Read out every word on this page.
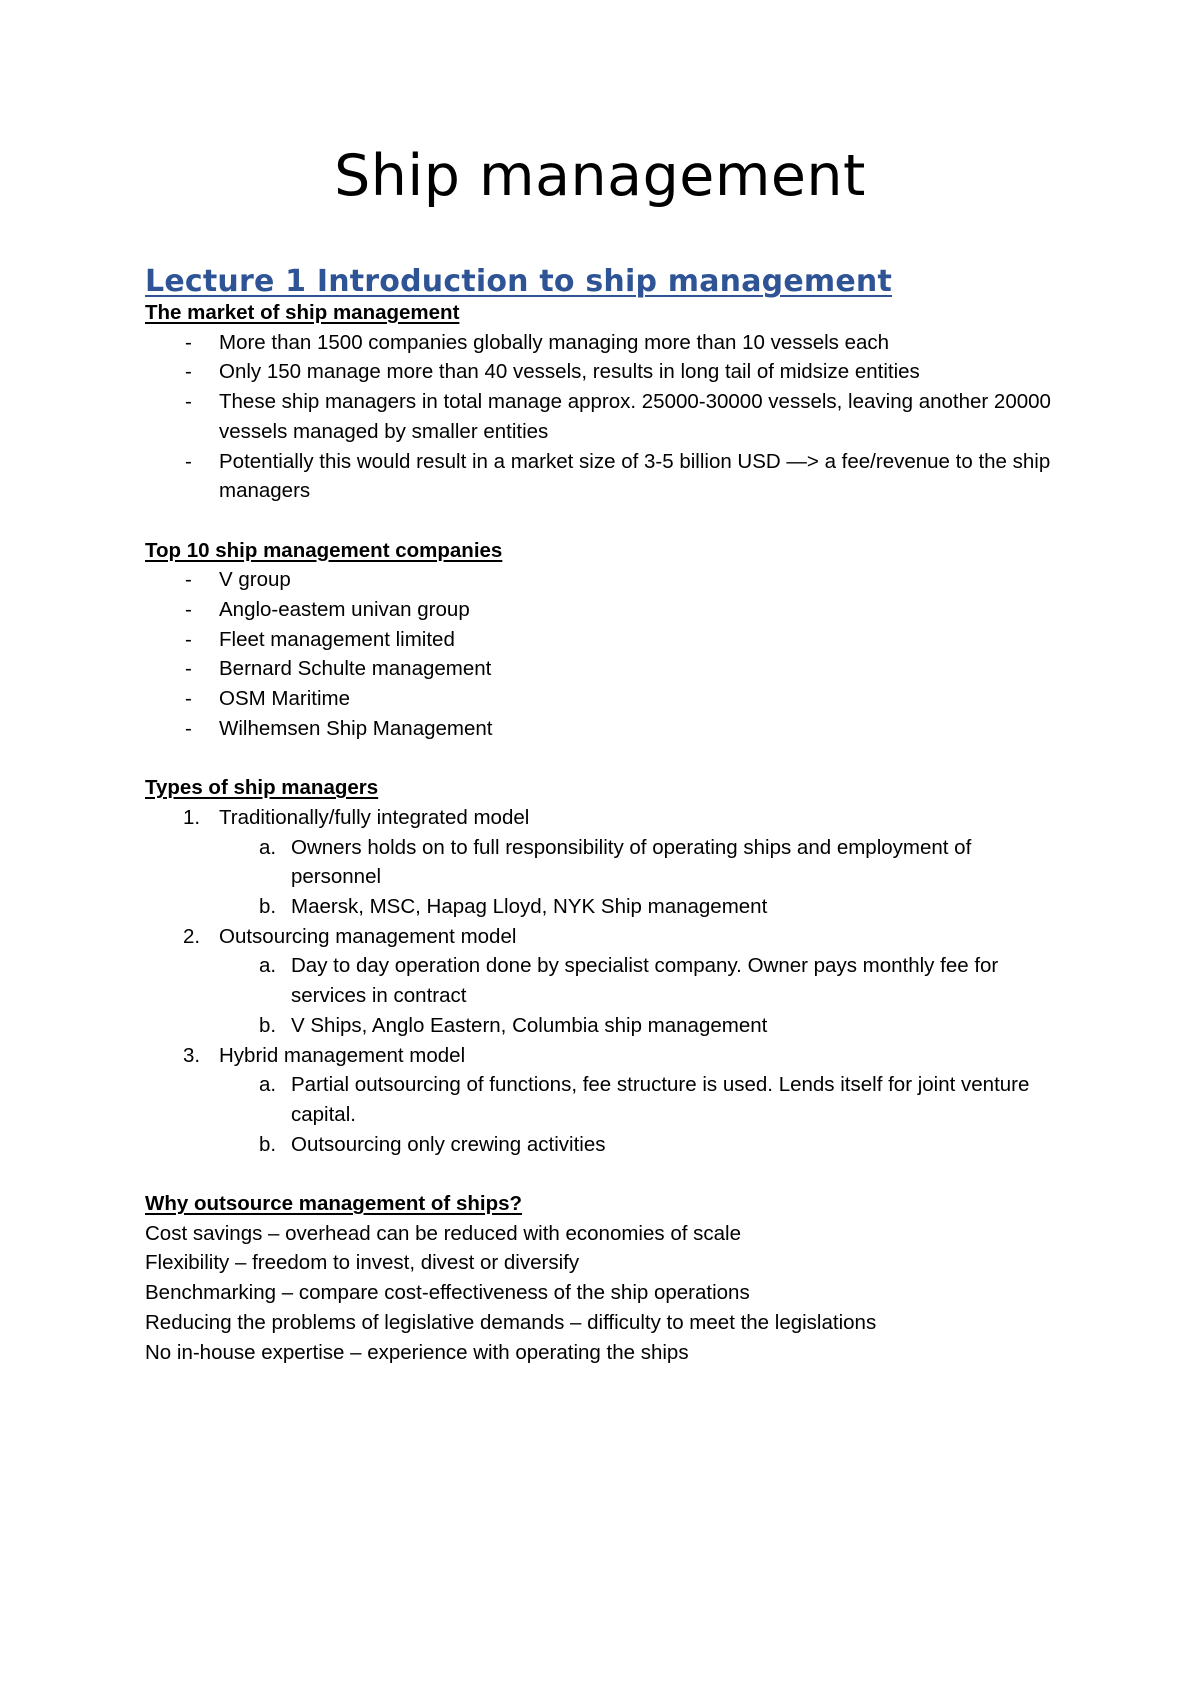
Ship management
Lecture 1 Introduction to ship management

The market of ship management

- More than 1500 companies globally managing more than 10 vessels each
- Only 150 manage more than 40 vessels, results in long tail of midsize entities
- These ship managers in total manage approx. 25000-30000 vessels, leaving another 20000 vessels managed by smaller entities
- Potentially this would result in a market size of 3-5 billion USD —> a fee/revenue to the ship managers

Top 10 ship management companies

- V group
- Anglo-eastem univan group
- Fleet management limited
- Bernard Schulte management
- OSM Maritime
- Wilhemsen Ship Management

Types of ship managers

1. Traditionally/fully integrated model
a. Owners holds on to full responsibility of operating ships and employment of personnel
b. Maersk, MSC, Hapag Lloyd, NYK Ship management
2. Outsourcing management model
a. Day to day operation done by specialist company. Owner pays monthly fee for services in contract
b. V Ships, Anglo Eastern, Columbia ship management
3. Hybrid management model
a. Partial outsourcing of functions, fee structure is used. Lends itself for joint venture capital.
b. Outsourcing only crewing activities

Why outsource management of ships?

Cost savings – overhead can be reduced with economies of scale

Flexibility – freedom to invest, divest or diversify

Benchmarking – compare cost-effectiveness of the ship operations

Reducing the problems of legislative demands – difficulty to meet the legislations

No in-house expertise – experience with operating the ships
